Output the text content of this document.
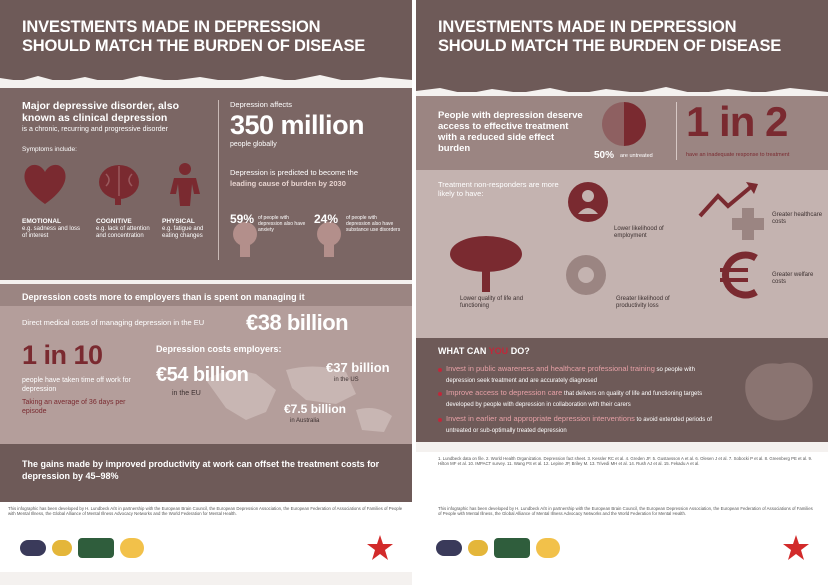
INVESTMENTS MADE IN DEPRESSION SHOULD MATCH THE BURDEN OF DISEASE
Major depressive disorder, also known as clinical depression
is a chronic, recurring and progressive disorder
Symptoms include:
EMOTIONAL
e.g. sadness and loss of interest
COGNITIVE
e.g. lack of attention and concentration
PHYSICAL
e.g. fatigue and eating changes
Depression affects
350 million
people globally
Depression is predicted to become the
leading cause of burden by 2030
59% of people with depression also have anxiety
24% of people with depression also have substance use disorders
Depression costs more to employers than is spent on managing it
Direct medical costs of managing depression in the EU €38 billion
1 in 10
people have taken time off work for depression
Taking an average of 36 days per episode
Depression costs employers:
€54 billion
in the EU
€37 billion
in the US
€7.5 billion
in Australia
The gains made by improved productivity at work can offset the treatment costs for depression by 45–98%
This infographic has been developed by H. Lundbeck A/S in partnership with the European Brain Council, the European Depression Association, the European Federation of Associations of Families of People with Mental Illness, the Global Alliance of Mental Illness Advocacy Networks and the World Federation for Mental Health.
INVESTMENTS MADE IN DEPRESSION SHOULD MATCH THE BURDEN OF DISEASE
People with depression deserve access to effective treatment with a reduced side effect burden
50% are untreated
1 in 2
have an inadequate response to treatment
Treatment non-responders are more likely to have:
Lower likelihood of employment
Greater healthcare costs
Lower quality of life and functioning
Greater likelihood of productivity loss
Greater welfare costs
WHAT CAN YOU DO?
Invest in public awareness and healthcare professional training so people with depression seek treatment and are accurately diagnosed
Improve access to depression care that delivers on quality of life and functioning targets developed by people with depression in collaboration with their carers
Invest in earlier and appropriate depression interventions to avoid extended periods of untreated or sub-optimally treated depression
1. Lundbeck data on file. 2. World Health Organization. Depression fact sheet. 3. Kessler RC et al. 4. Greden JF. 5. Gustavsson A et al. 6. Olesen J et al. 7. Sobocki P et al. 8. Greenberg PE et al. 9. Hilton MF et al. 10. IMPACT survey. 11. Wang PS et al. 12. Lepine JP, Briley M. 13. Trivedi MH et al. 14. Rush AJ et al. 15. Fekadu A et al.
This infographic has been developed by H. Lundbeck A/S in partnership with the European Brain Council, the European Depression Association, the European Federation of Associations of Families of People with Mental Illness, the Global Alliance of Mental Illness Advocacy Networks and the World Federation for Mental Health.
